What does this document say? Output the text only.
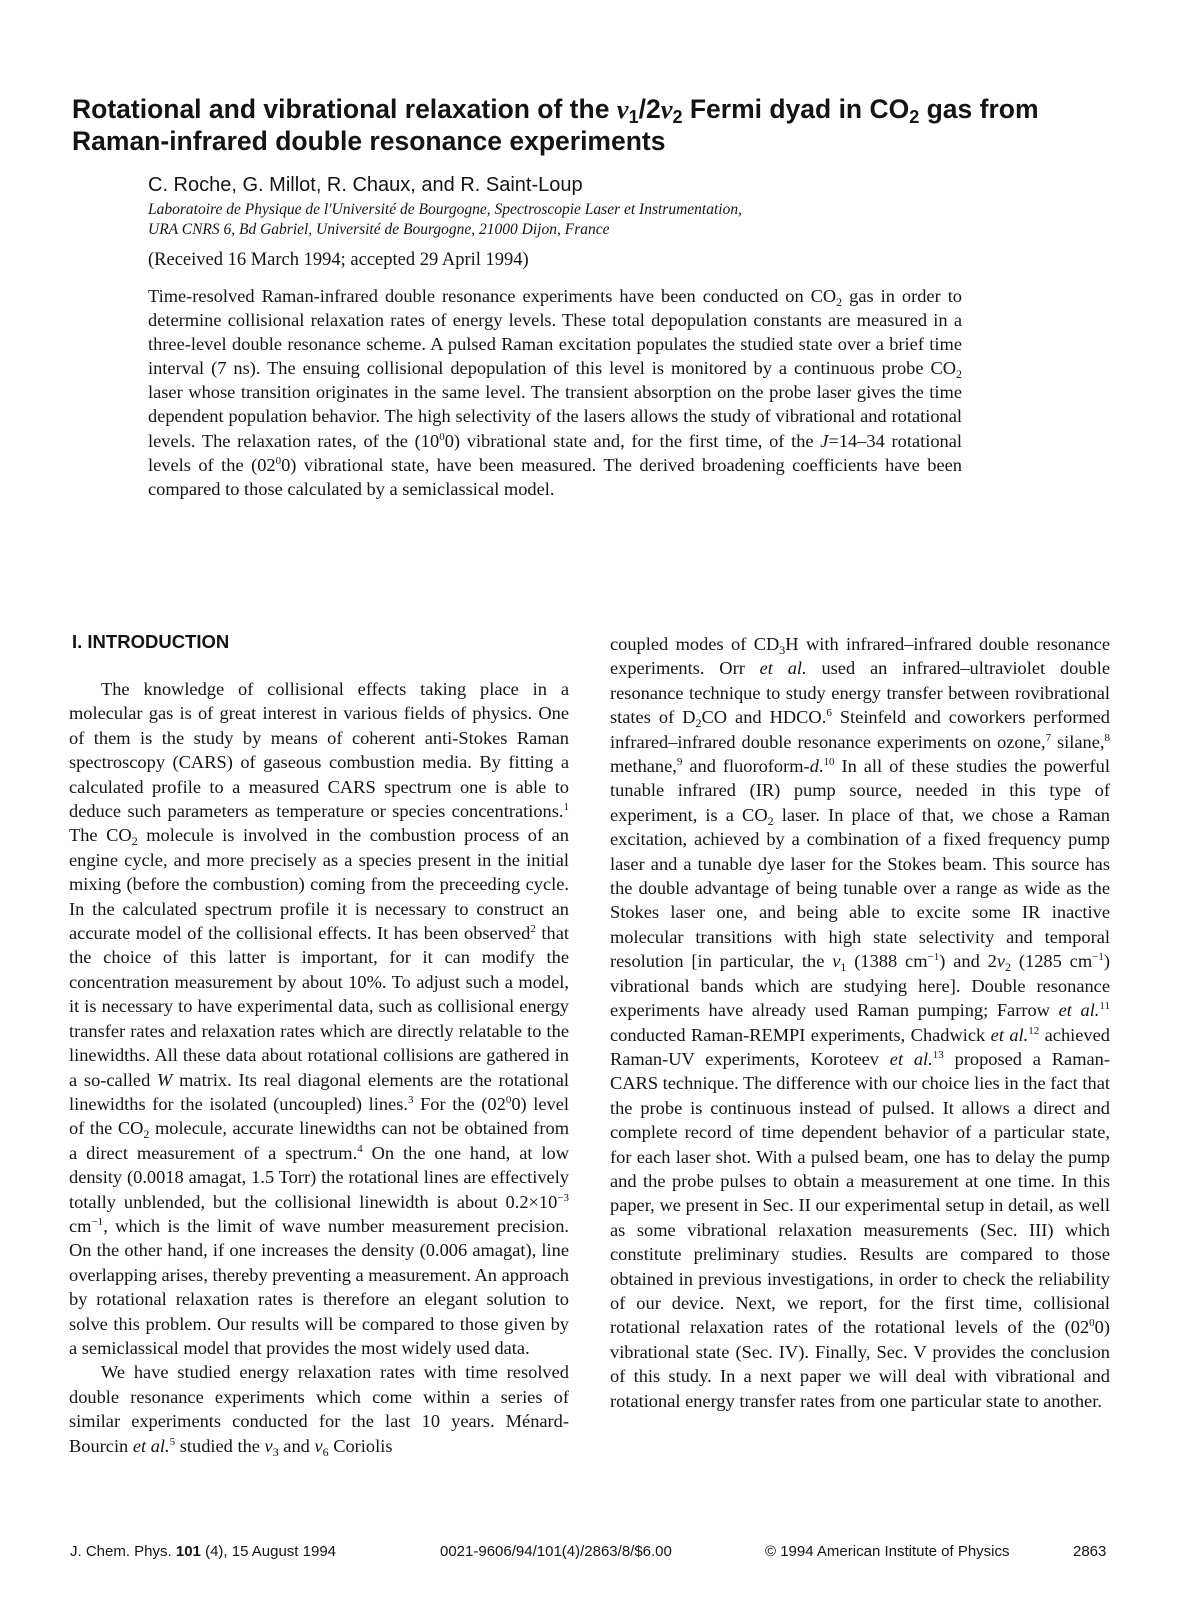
Rotational and vibrational relaxation of the $\nu_1/2\nu_2$ Fermi dyad in $CO_2$ gas from Raman-infrared double resonance experiments
C. Roche, G. Millot, R. Chaux, and R. Saint-Loup
Laboratoire de Physique de l'Université de Bourgogne, Spectroscopie Laser et Instrumentation,
URA CNRS 6, Bd Gabriel, Université de Bourgogne, 21000 Dijon, France
(Received 16 March 1994; accepted 29 April 1994)

Time-resolved Raman-infrared double resonance experiments have been conducted on $CO_2$ gas in order to determine collisional relaxation rates of energy levels. These total depopulation constants are measured in a three-level double resonance scheme. A pulsed Raman excitation populates the studied state over a brief time interval (7 ns). The ensuing collisional depopulation of this level is monitored by a continuous probe $CO_2$ laser whose transition originates in the same level. The transient absorption on the probe laser gives the time dependent population behavior. The high selectivity of the lasers allows the study of vibrational and rotational levels. The relaxation rates, of the $(10^00)$ vibrational state and, for the first time, of the J=14–34 rotational levels of the $(02^00)$ vibrational state, have been measured. The derived broadening coefficients have been compared to those calculated by a semiclassical model.

I. INTRODUCTION

The knowledge of collisional effects taking place in a molecular gas is of great interest in various fields of physics. One of them is the study by means of coherent anti-Stokes Raman spectroscopy (CARS) of gaseous combustion media. By fitting a calculated profile to a measured CARS spectrum one is able to deduce such parameters as temperature or species concentrations.$^1$ The $CO_2$ molecule is involved in the combustion process of an engine cycle, and more precisely as a species present in the initial mixing (before the combustion) coming from the preceeding cycle. In the calculated spectrum profile it is necessary to construct an accurate model of the collisional effects. It has been observed$^2$ that the choice of this latter is important, for it can modify the concentration measurement by about 10%. To adjust such a model, it is necessary to have experimental data, such as collisional energy transfer rates and relaxation rates which are directly relatable to the linewidths. All these data about rotational collisions are gathered in a so-called W matrix. Its real diagonal elements are the rotational linewidths for the isolated (uncoupled) lines.$^3$ For the $(02^00)$ level of the $CO_2$ molecule, accurate linewidths can not be obtained from a direct measurement of a spectrum.$^4$ On the one hand, at low density (0.0018 amagat, 1.5 Torr) the rotational lines are effectively totally unblended, but the collisional linewidth is about $0.2\times 10^{-3}$ $cm^{-1}$, which is the limit of wave number measurement precision. On the other hand, if one increases the density (0.006 amagat), line overlapping arises, thereby preventing a measurement. An approach by rotational relaxation rates is therefore an elegant solution to solve this problem. Our results will be compared to those given by a semiclassical model that provides the most widely used data.

We have studied energy relaxation rates with time resolved double resonance experiments which come within a series of similar experiments conducted for the last 10 years. Ménard-Bourcin et al.$^5$ studied the $\nu_3$ and $\nu_6$ Coriolis

coupled modes of $CD_3H$ with infrared–infrared double resonance experiments. Orr et al. used an infrared–ultraviolet double resonance technique to study energy transfer between rovibrational states of $D_2CO$ and HDCO.$^6$ Steinfeld and coworkers performed infrared–infrared double resonance experiments on ozone,$^7$ silane,$^8$ methane,$^9$ and fluoroform-d.$^{10}$ In all of these studies the powerful tunable infrared (IR) pump source, needed in this type of experiment, is a $CO_2$ laser. In place of that, we chose a Raman excitation, achieved by a combination of a fixed frequency pump laser and a tunable dye laser for the Stokes beam. This source has the double advantage of being tunable over a range as wide as the Stokes laser one, and being able to excite some IR inactive molecular transitions with high state selectivity and temporal resolution [in particular, the $\nu_1$ (1388 $cm^{-1}$) and $2\nu_2$ (1285 $cm^{-1}$) vibrational bands which are studying here]. Double resonance experiments have already used Raman pumping; Farrow et al.$^{11}$ conducted Raman-REMPI experiments, Chadwick et al.$^{12}$ achieved Raman-UV experiments, Koroteev et al.$^{13}$ proposed a Raman-CARS technique. The difference with our choice lies in the fact that the probe is continuous instead of pulsed. It allows a direct and complete record of time dependent behavior of a particular state, for each laser shot. With a pulsed beam, one has to delay the pump and the probe pulses to obtain a measurement at one time. In this paper, we present in Sec. II our experimental setup in detail, as well as some vibrational relaxation measurements (Sec. III) which constitute preliminary studies. Results are compared to those obtained in previous investigations, in order to check the reliability of our device. Next, we report, for the first time, collisional rotational relaxation rates of the rotational levels of the $(02^00)$ vibrational state (Sec. IV). Finally, Sec. V provides the conclusion of this study. In a next paper we will deal with vibrational and rotational energy transfer rates from one particular state to another.

J. Chem. Phys. 101 (4), 15 August 1994	0021-9606/94/101(4)/2863/8/$6.00	© 1994 American Institute of Physics	2863
